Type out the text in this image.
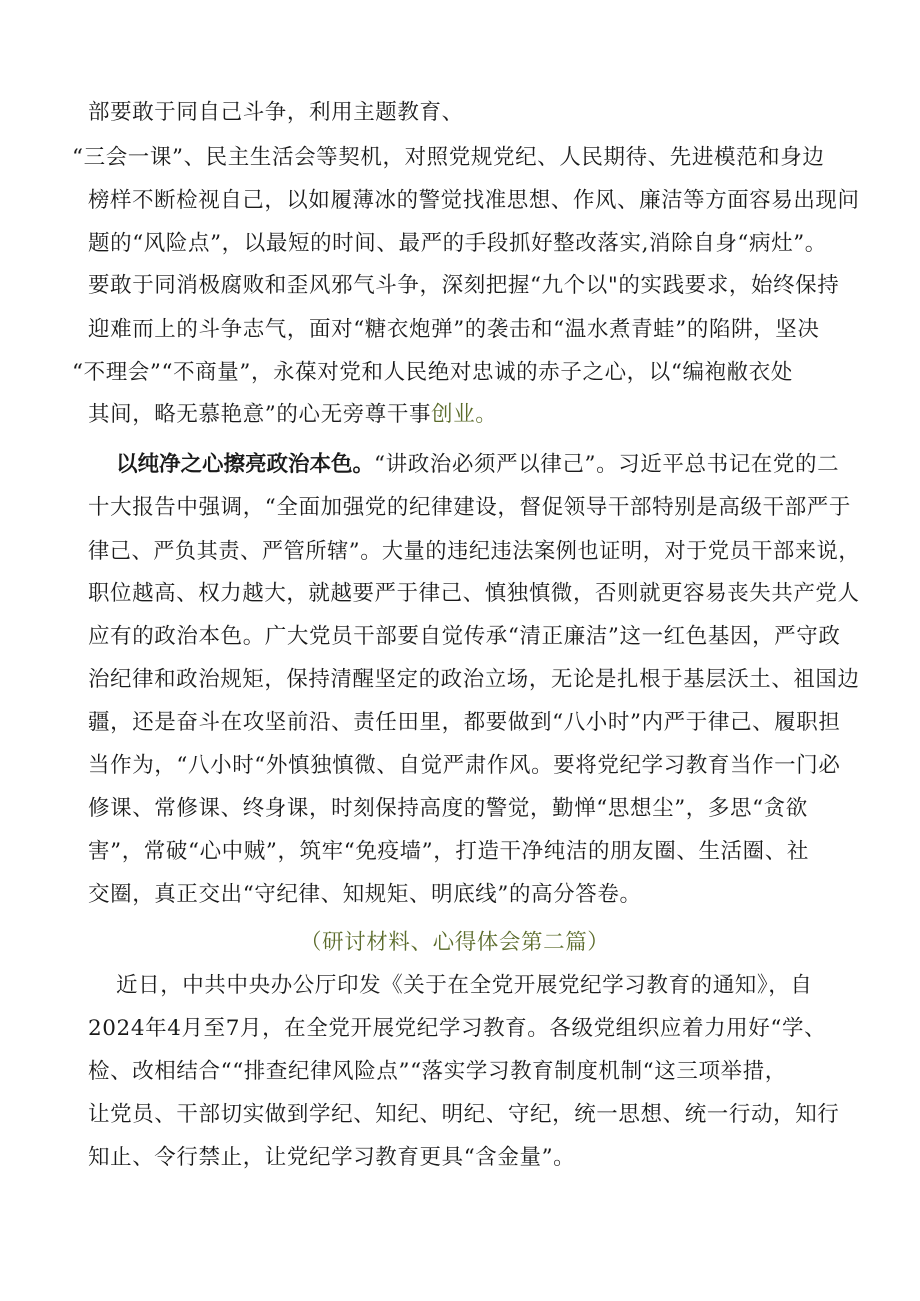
部要敢于同自己斗争，利用主题教育、
“三会一课”、民主生活会等契机，对照党规党纪、人民期待、先进模范和身边
榜样不断检视自己，以如履薄冰的警觉找准思想、作风、廉洁等方面容易出现问
题的“风险点”，以最短的时间、最严的手段抓好整改落实,消除自身“病灶”。
要敢于同消极腐败和歪风邪气斗争，深刻把握“九个以"的实践要求，始终保持
迎难而上的斗争志气，面对“糖衣炮弹”的袭击和“温水煮青蛙”的陷阱，坚决
“不理会”“不商量”，永葆对党和人民绝对忠诚的赤子之心，以“编袍敝衣处
其间，略无慕艳意”的心无旁尊干事创业。
以纯净之心擦亮政治本色。“讲政治必须严以律己”。习近平总书记在党的二
十大报告中强调，“全面加强党的纪律建设，督促领导干部特别是高级干部严于
律己、严负其责、严管所辖”。大量的违纪违法案例也证明，对于党员干部来说，
职位越高、权力越大，就越要严于律己、慎独慎微，否则就更容易丧失共产党人
应有的政治本色。广大党员干部要自觉传承“清正廉洁”这一红色基因，严守政
治纪律和政治规矩，保持清醒坚定的政治立场，无论是扎根于基层沃土、祖国边
疆，还是奋斗在攻坚前沿、责任田里，都要做到“八小时”内严于律己、履职担
当作为，“八小时“外慎独慎微、自觉严肃作风。要将党纪学习教育当作一门必
修课、常修课、终身课，时刻保持高度的警觉，勤惮“思想尘”，多思“贪欲
害”，常破“心中贼”，筑牢“免疫墙”，打造干净纯洁的朋友圈、生活圈、社
交圈，真正交出“守纪律、知规矩、明底线”的高分答卷。
（研讨材料、心得体会第二篇）
近日，中共中央办公厅印发《关于在全党开展党纪学习教育的通知》，自
2024年4月至7月，在全党开展党纪学习教育。各级党组织应着力用好“学、
检、改相结合““排查纪律风险点”“落实学习教育制度机制“这三项举措，
让党员、干部切实做到学纪、知纪、明纪、守纪，统一思想、统一行动，知行
知止、令行禁止，让党纪学习教育更具“含金量”。
